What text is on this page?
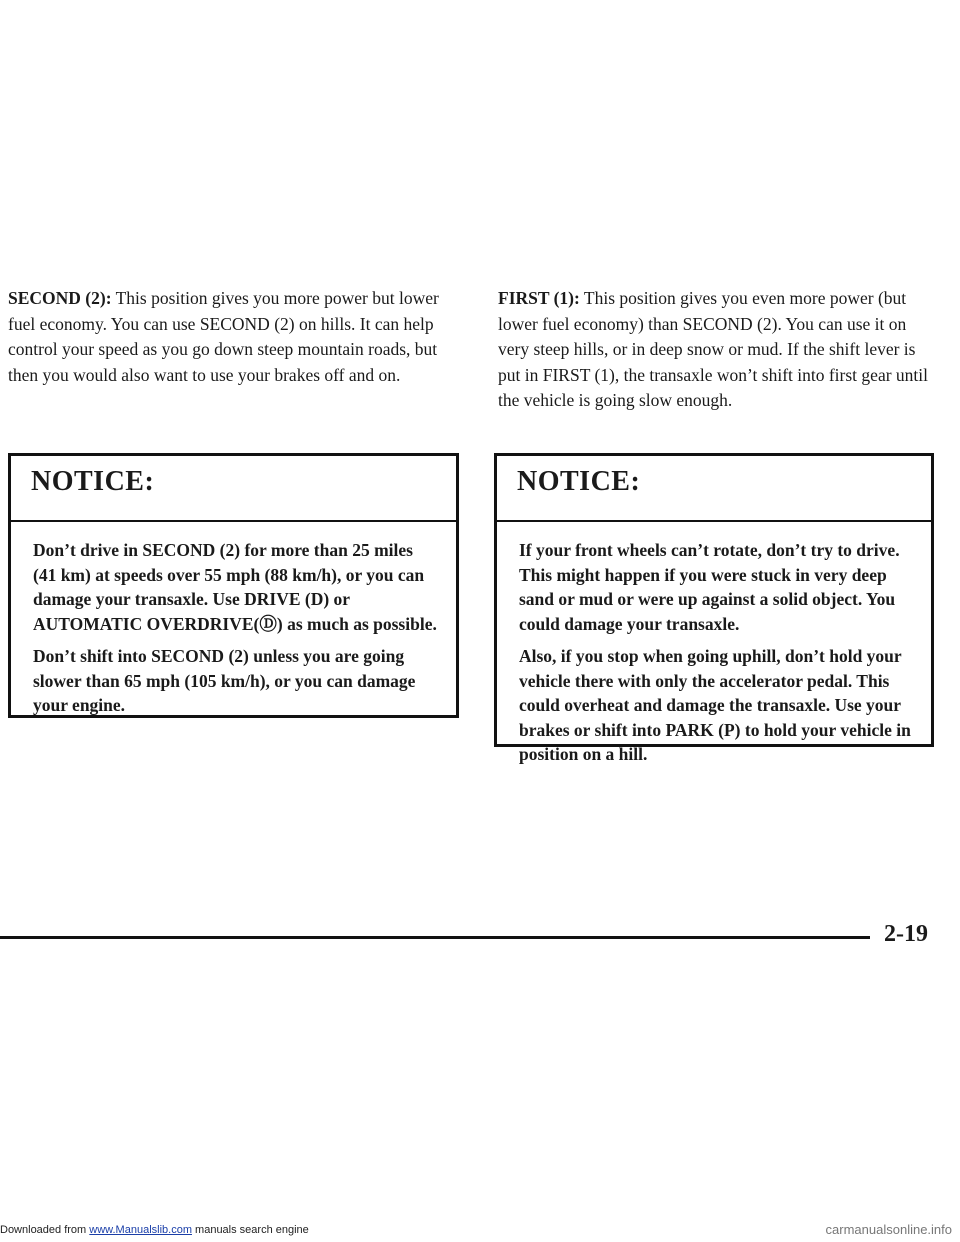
SECOND (2): This position gives you more power but lower fuel economy. You can use SECOND (2) on hills. It can help control your speed as you go down steep mountain roads, but then you would also want to use your brakes off and on.

FIRST (1): This position gives you even more power (but lower fuel economy) than SECOND (2). You can use it on very steep hills, or in deep snow or mud. If the shift lever is put in FIRST (1), the transaxle won’t shift into first gear until the vehicle is going slow enough.

NOTICE:

Don’t drive in SECOND (2) for more than 25 miles (41 km) at speeds over 55 mph (88 km/h), or you can damage your transaxle. Use DRIVE (D) or AUTOMATIC OVERDRIVE(Ⓓ) as much as possible.

Don’t shift into SECOND (2) unless you are going slower than 65 mph (105 km/h), or you can damage your engine.

NOTICE:

If your front wheels can’t rotate, don’t try to drive. This might happen if you were stuck in very deep sand or mud or were up against a solid object. You could damage your transaxle.

Also, if you stop when going uphill, don’t hold your vehicle there with only the accelerator pedal. This could overheat and damage the transaxle. Use your brakes or shift into PARK (P) to hold your vehicle in position on a hill.

2-19
Downloaded from www.Manualslib.com manuals search engine	carmanualsonline.info
